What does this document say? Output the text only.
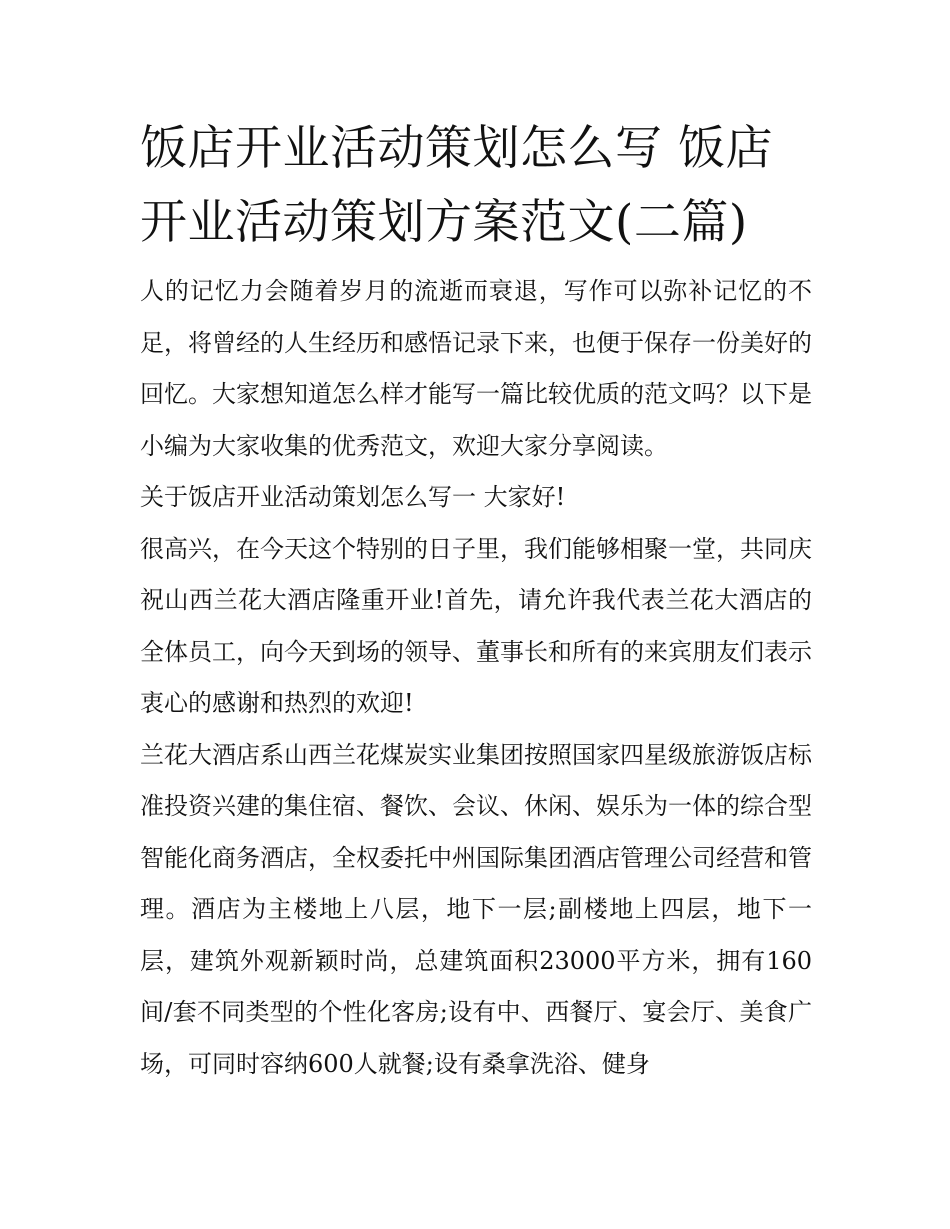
饭店开业活动策划怎么写 饭店开业活动策划方案范文(二篇)

人的记忆力会随着岁月的流逝而衰退，写作可以弥补记忆的不足，将曾经的人生经历和感悟记录下来，也便于保存一份美好的回忆。大家想知道怎么样才能写一篇比较优质的范文吗？以下是小编为大家收集的优秀范文，欢迎大家分享阅读。

关于饭店开业活动策划怎么写一 大家好!

很高兴，在今天这个特别的日子里，我们能够相聚一堂，共同庆祝山西兰花大酒店隆重开业!首先，请允许我代表兰花大酒店的全体员工，向今天到场的领导、董事长和所有的来宾朋友们表示衷心的感谢和热烈的欢迎!

兰花大酒店系山西兰花煤炭实业集团按照国家四星级旅游饭店标准投资兴建的集住宿、餐饮、会议、休闲、娱乐为一体的综合型智能化商务酒店，全权委托中州国际集团酒店管理公司经营和管理。酒店为主楼地上八层，地下一层;副楼地上四层，地下一层，建筑外观新颖时尚，总建筑面积23000平方米，拥有160间/套不同类型的个性化客房;设有中、西餐厅、宴会厅、美食广场，可同时容纳600人就餐;设有桑拿洗浴、健身
